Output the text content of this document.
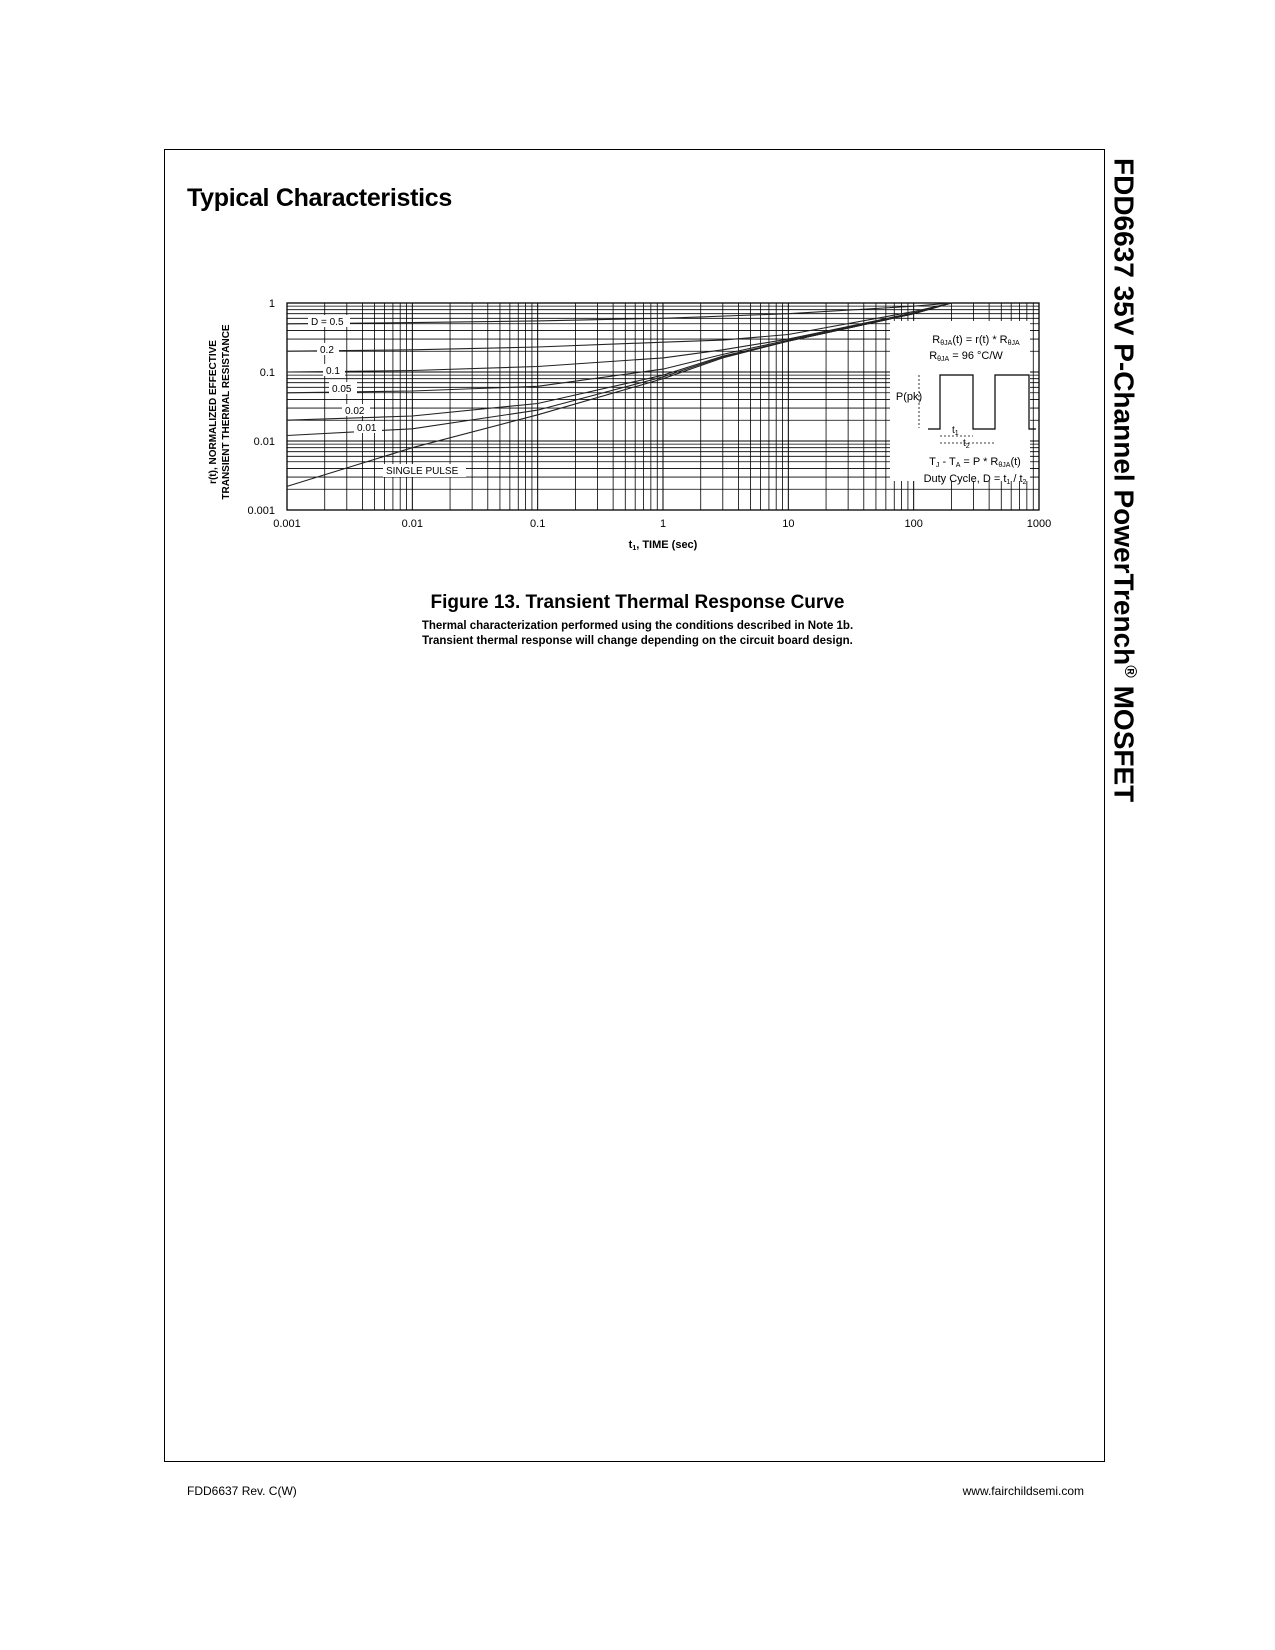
Typical Characteristics	FDD6637 35V P-Channel PowerTrench® MOSFET
0.001	0.01	0.1	1	10	100	1000
1
0.1
0.01
0.001
D = 0.5
0.2
0.1
0.05
0.02
0.01
SINGLE PULSE
RθJA(t) = r(t) * RθJA
RθJA = 96 °C/W
P(pk)
$t_1$
$t_2$
TJ - TA = P * RθJA(t)
Duty Cycle, D = t1 / t2
t1, TIME (sec)
r(t), NORMALIZED EFFECTIVE TRANSIENT THERMAL RESISTANCE
Figure 13. Transient Thermal Response Curve
Thermal characterization performed using the conditions described in Note 1b.
Transient thermal response will change depending on the circuit board design.
FDD6637 Rev. C(W)	www.fairchildsemi.com
